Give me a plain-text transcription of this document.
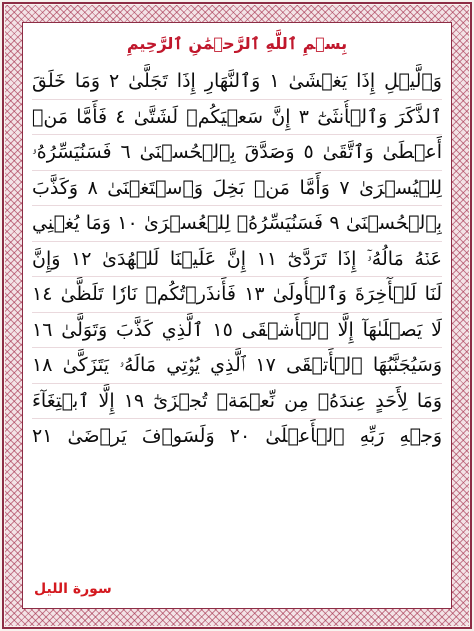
بِسۡمِ ٱللَّهِ ٱلرَّحۡمَٰنِ ٱلرَّحِيمِ
وَٱلَّيۡلِ إِذَا يَغۡشَىٰ ١ وَٱلنَّهَارِ إِذَا تَجَلَّىٰ ٢ وَمَا خَلَقَ
ٱلذَّكَرَ وَٱلۡأُنثَىٰٓ ٣ إِنَّ سَعۡيَكُمۡ لَشَتَّىٰ ٤ فَأَمَّا مَنۡ
أَعۡطَىٰ وَٱتَّقَىٰ ٥ وَصَدَّقَ بِٱلۡحُسۡنَىٰ ٦ فَسَنُيَسِّرُهُۥ
لِلۡيُسۡرَىٰ ٧ وَأَمَّا مَنۢ بَخِلَ وَٱسۡتَغۡنَىٰ ٨ وَكَذَّبَ
بِٱلۡحُسۡنَىٰ ٩ فَسَنُيَسِّرُهُۥ لِلۡعُسۡرَىٰ ١٠ وَمَا يُغۡنِي
عَنۡهُ مَالُهُۥٓ إِذَا تَرَدَّىٰٓ ١١ إِنَّ عَلَيۡنَا لَلۡهُدَىٰ ١٢ وَإِنَّ
لَنَا لَلۡأٓخِرَةَ وَٱلۡأُولَىٰ ١٣ فَأَنذَرۡتُكُمۡ نَارٗا تَلَظَّىٰ ١٤
لَا يَصۡلَىٰهَآ إِلَّا ٱلۡأَشۡقَى ١٥ ٱلَّذِي كَذَّبَ وَتَوَلَّىٰ ١٦
وَسَيُجَنَّبُهَا ٱلۡأَتۡقَى ١٧ ٱلَّذِي يُؤۡتِي مَالَهُۥ يَتَزَكَّىٰ ١٨
وَمَا لِأَحَدٍ عِندَهُۥ مِن نِّعۡمَةٖ تُجۡزَىٰٓ ١٩ إِلَّا ٱبۡتِغَآءَ
وَجۡهِ رَبِّهِ ٱلۡأَعۡلَىٰ ٢٠ وَلَسَوۡفَ يَرۡضَىٰ ٢١
سورة الليل
